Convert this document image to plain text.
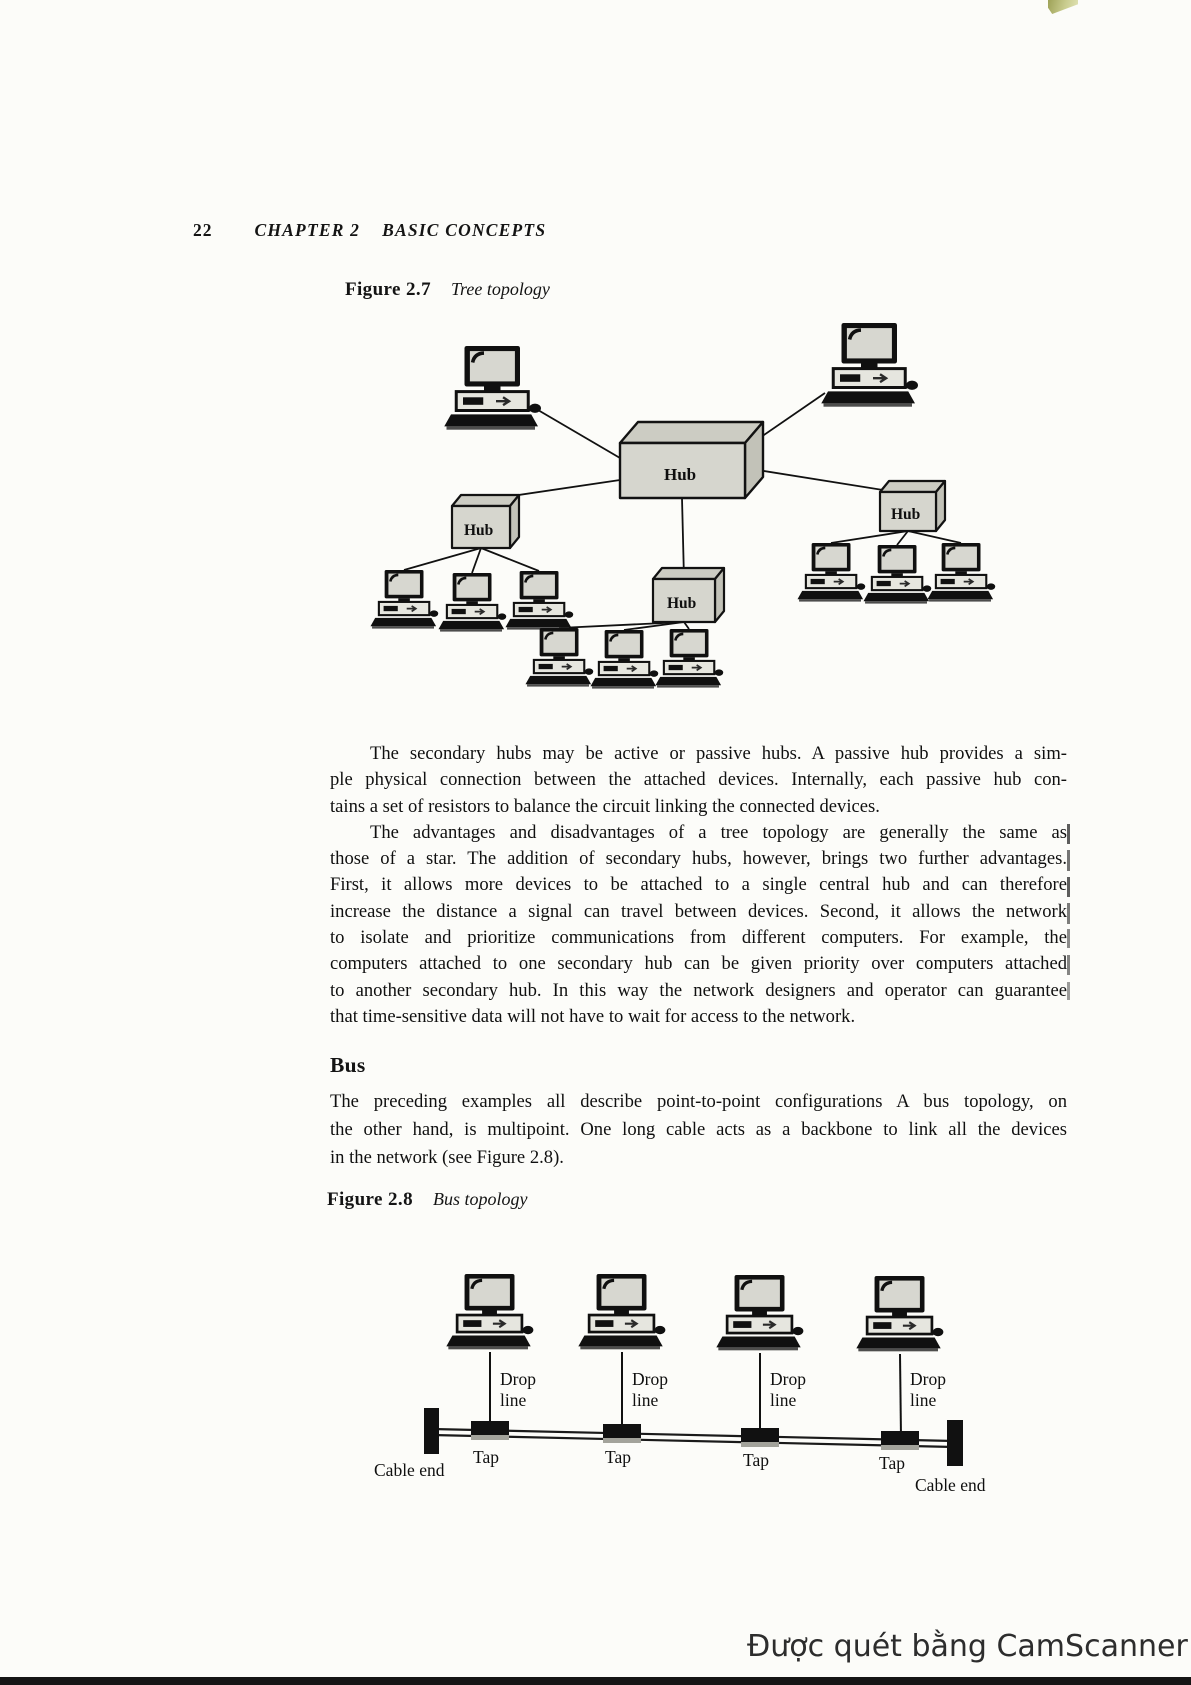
22 CHAPTER 2 BASIC CONCEPTS
Figure 2.7 Tree topology
Hub
Hub
Hub
Hub
The secondary hubs may be active or passive hubs. A passive hub provides a sim-
ple physical connection between the attached devices. Internally, each passive hub con-
tains a set of resistors to balance the circuit linking the connected devices.
The advantages and disadvantages of a tree topology are generally the same as
those of a star. The addition of secondary hubs, however, brings two further advantages.
First, it allows more devices to be attached to a single central hub and can therefore
increase the distance a signal can travel between devices. Second, it allows the network
to isolate and prioritize communications from different computers. For example, the
computers attached to one secondary hub can be given priority over computers attached
to another secondary hub. In this way the network designers and operator can guarantee
that time-sensitive data will not have to wait for access to the network.
Bus
The preceding examples all describe point-to-point configurations A bus topology, on
the other hand, is multipoint. One long cable acts as a backbone to link all the devices
in the network (see Figure 2.8).
Figure 2.8 Bus topology
Drop
line
Drop
line
Drop
line
Drop
line
Tap	Tap	Tap	Tap
Cable end
Cable end
Được quét bằng CamScanner
